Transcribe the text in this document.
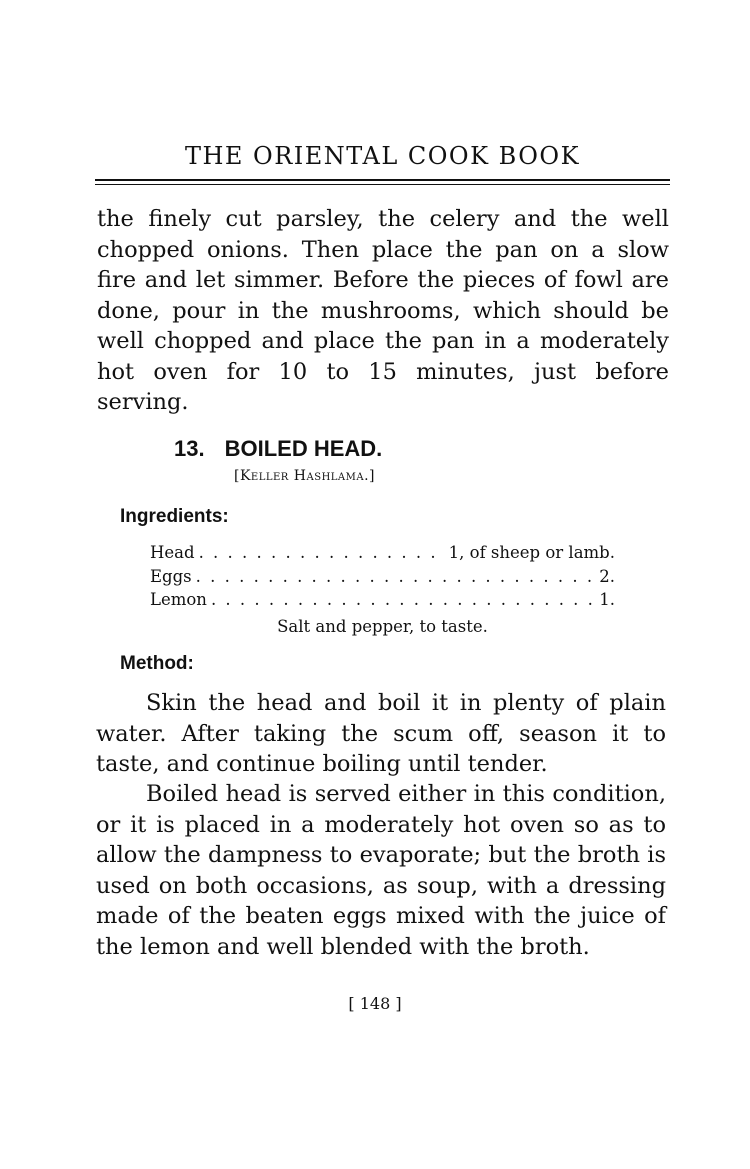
THE ORIENTAL COOK BOOK

the finely cut parsley, the celery and the well chopped onions. Then place the pan on a slow fire and let simmer. Before the pieces of fowl are done, pour in the mushrooms, which should be well chopped and place the pan in a moderately hot oven for 10 to 15 minutes, just before serving.

13. BOILED HEAD.
[Keller Hashlama.]
Ingredients:
Head . . .	1, of sheep or lamb.
Eggs . . .	2.
Lemon . . .	1.
Salt and pepper, to taste.
Method:

Skin the head and boil it in plenty of plain water. After taking the scum off, season it to taste, and continue boiling until tender.

Boiled head is served either in this condition, or it is placed in a moderately hot oven so as to allow the dampness to evaporate; but the broth is used on both occasions, as soup, with a dressing made of the beaten eggs mixed with the juice of the lemon and well blended with the broth.

[ 148 ]
